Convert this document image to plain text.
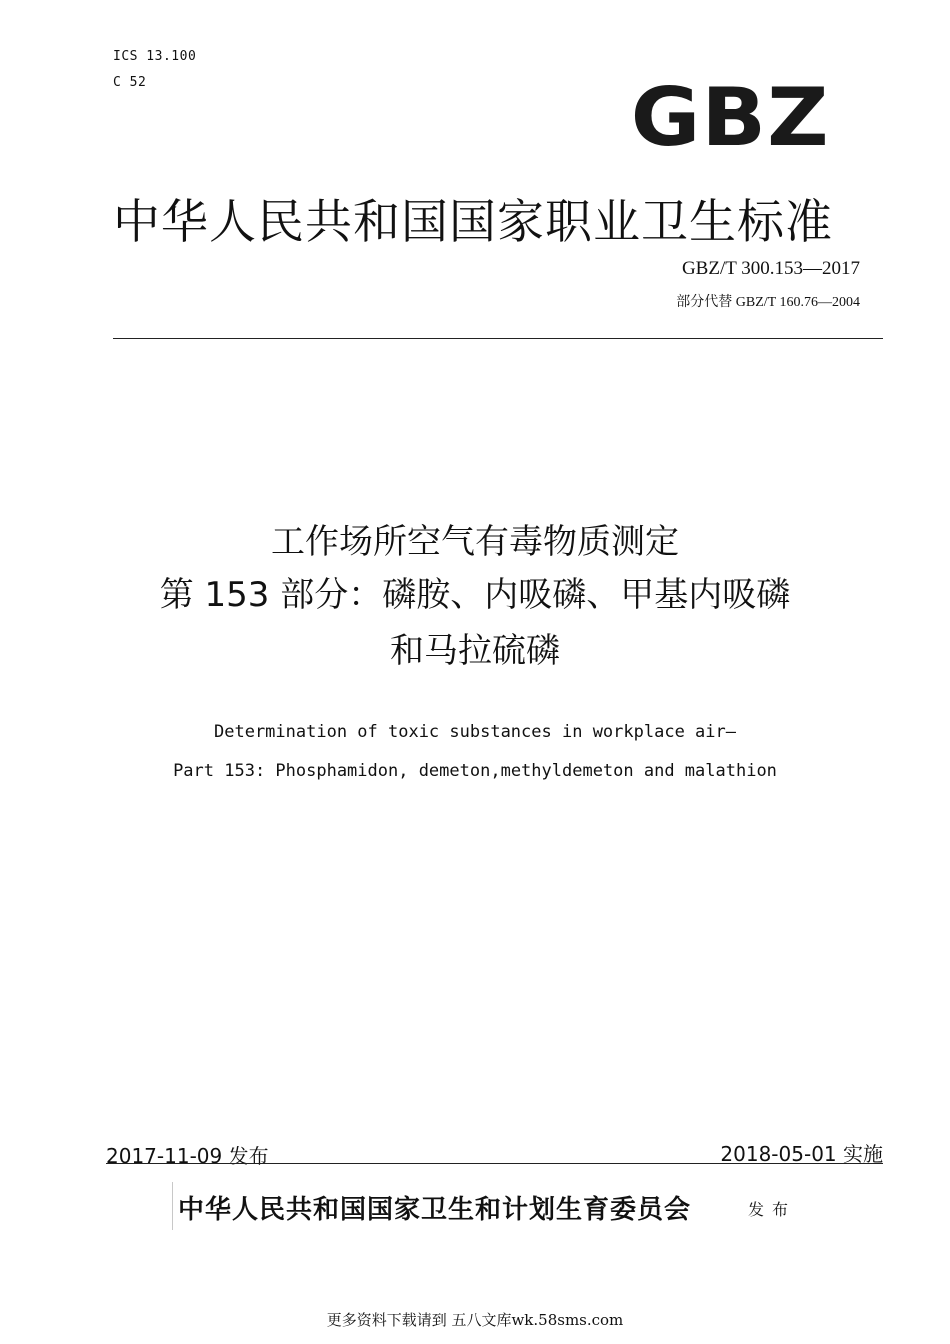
ICS 13.100
C 52	GBZ
中华人民共和国国家职业卫生标准
GBZ/T 300.153—2017
部分代替 GBZ/T 160.76—2004
工作场所空气有毒物质测定
第 153 部分：磷胺、内吸磷、甲基内吸磷
和马拉硫磷
Determination of toxic substances in workplace air—
Part 153: Phosphamidon, demeton,methyldemeton and malathion
2017-11-09 发布	2018-05-01 实施
中华人民共和国国家卫生和计划生育委员会	发布
更多资料下载请到 五八文库wk.58sms.com
